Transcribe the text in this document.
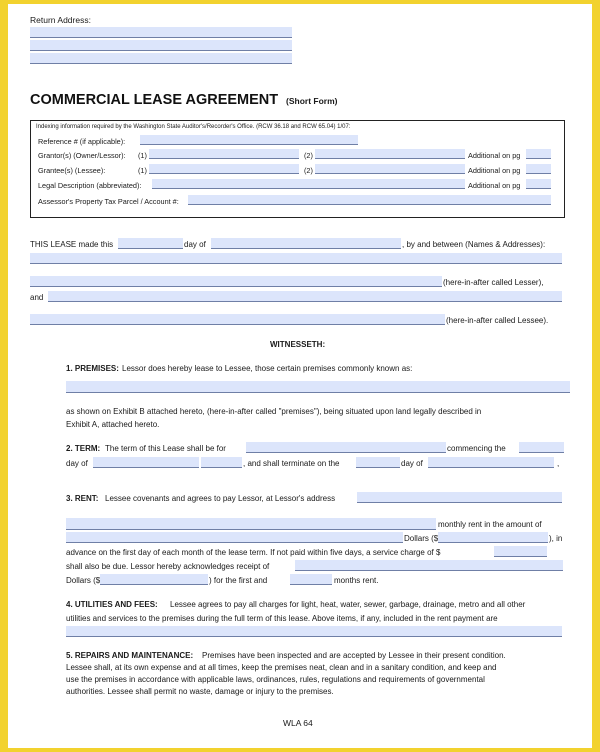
Return Address:
COMMERCIAL LEASE AGREEMENT (Short Form)
Indexing information required by the Washington State Auditor's/Recorder's Office. (RCW 36.18 and RCW 65.04) 1/07:
Reference # (if applicable):
Grantor(s) (Owner/Lessor): (1)	(2)	Additional on pg
Grantee(s) (Lessee):	(1)	(2)	Additional on pg
Legal Description (abbreviated):	Additional on pg
Assessor's Property Tax Parcel / Account #:
THIS LEASE made this	day of	, by and between (Names & Addresses):
(here-in-after called Lesser),
and
(here-in-after called Lessee).
WITNESSETH:
1. PREMISES: Lessor does hereby lease to Lessee, those certain premises commonly known as:
as shown on Exhibit B attached hereto, (here-in-after called "premises"), being situated upon land legally described in
Exhibit A, attached hereto.
2. TERM: The term of this Lease shall be for	commencing the
day of	, and shall terminate on the	day of	,
3. RENT: Lessee covenants and agrees to pay Lessor, at Lessor's address
monthly rent in the amount of
Dollars ($	), in
advance on the first day of each month of the lease term. If not paid within five days, a service charge of $
shall also be due. Lessor hereby acknowledges receipt of
Dollars ($	) for the first and	months rent.
4. UTILITIES AND FEES: Lessee agrees to pay all charges for light, heat, water, sewer, garbage, drainage, metro and all other
utilities and services to the premises during the full term of this lease. Above items, if any, included in the rent payment are
5. REPAIRS AND MAINTENANCE: Premises have been inspected and are accepted by Lessee in their present condition.
Lessee shall, at its own expense and at all times, keep the premises neat, clean and in a sanitary condition, and keep and
use the premises in accordance with applicable laws, ordinances, rules, regulations and requirements of governmental
authorities. Lessee shall permit no waste, damage or injury to the premises.
WLA 64
